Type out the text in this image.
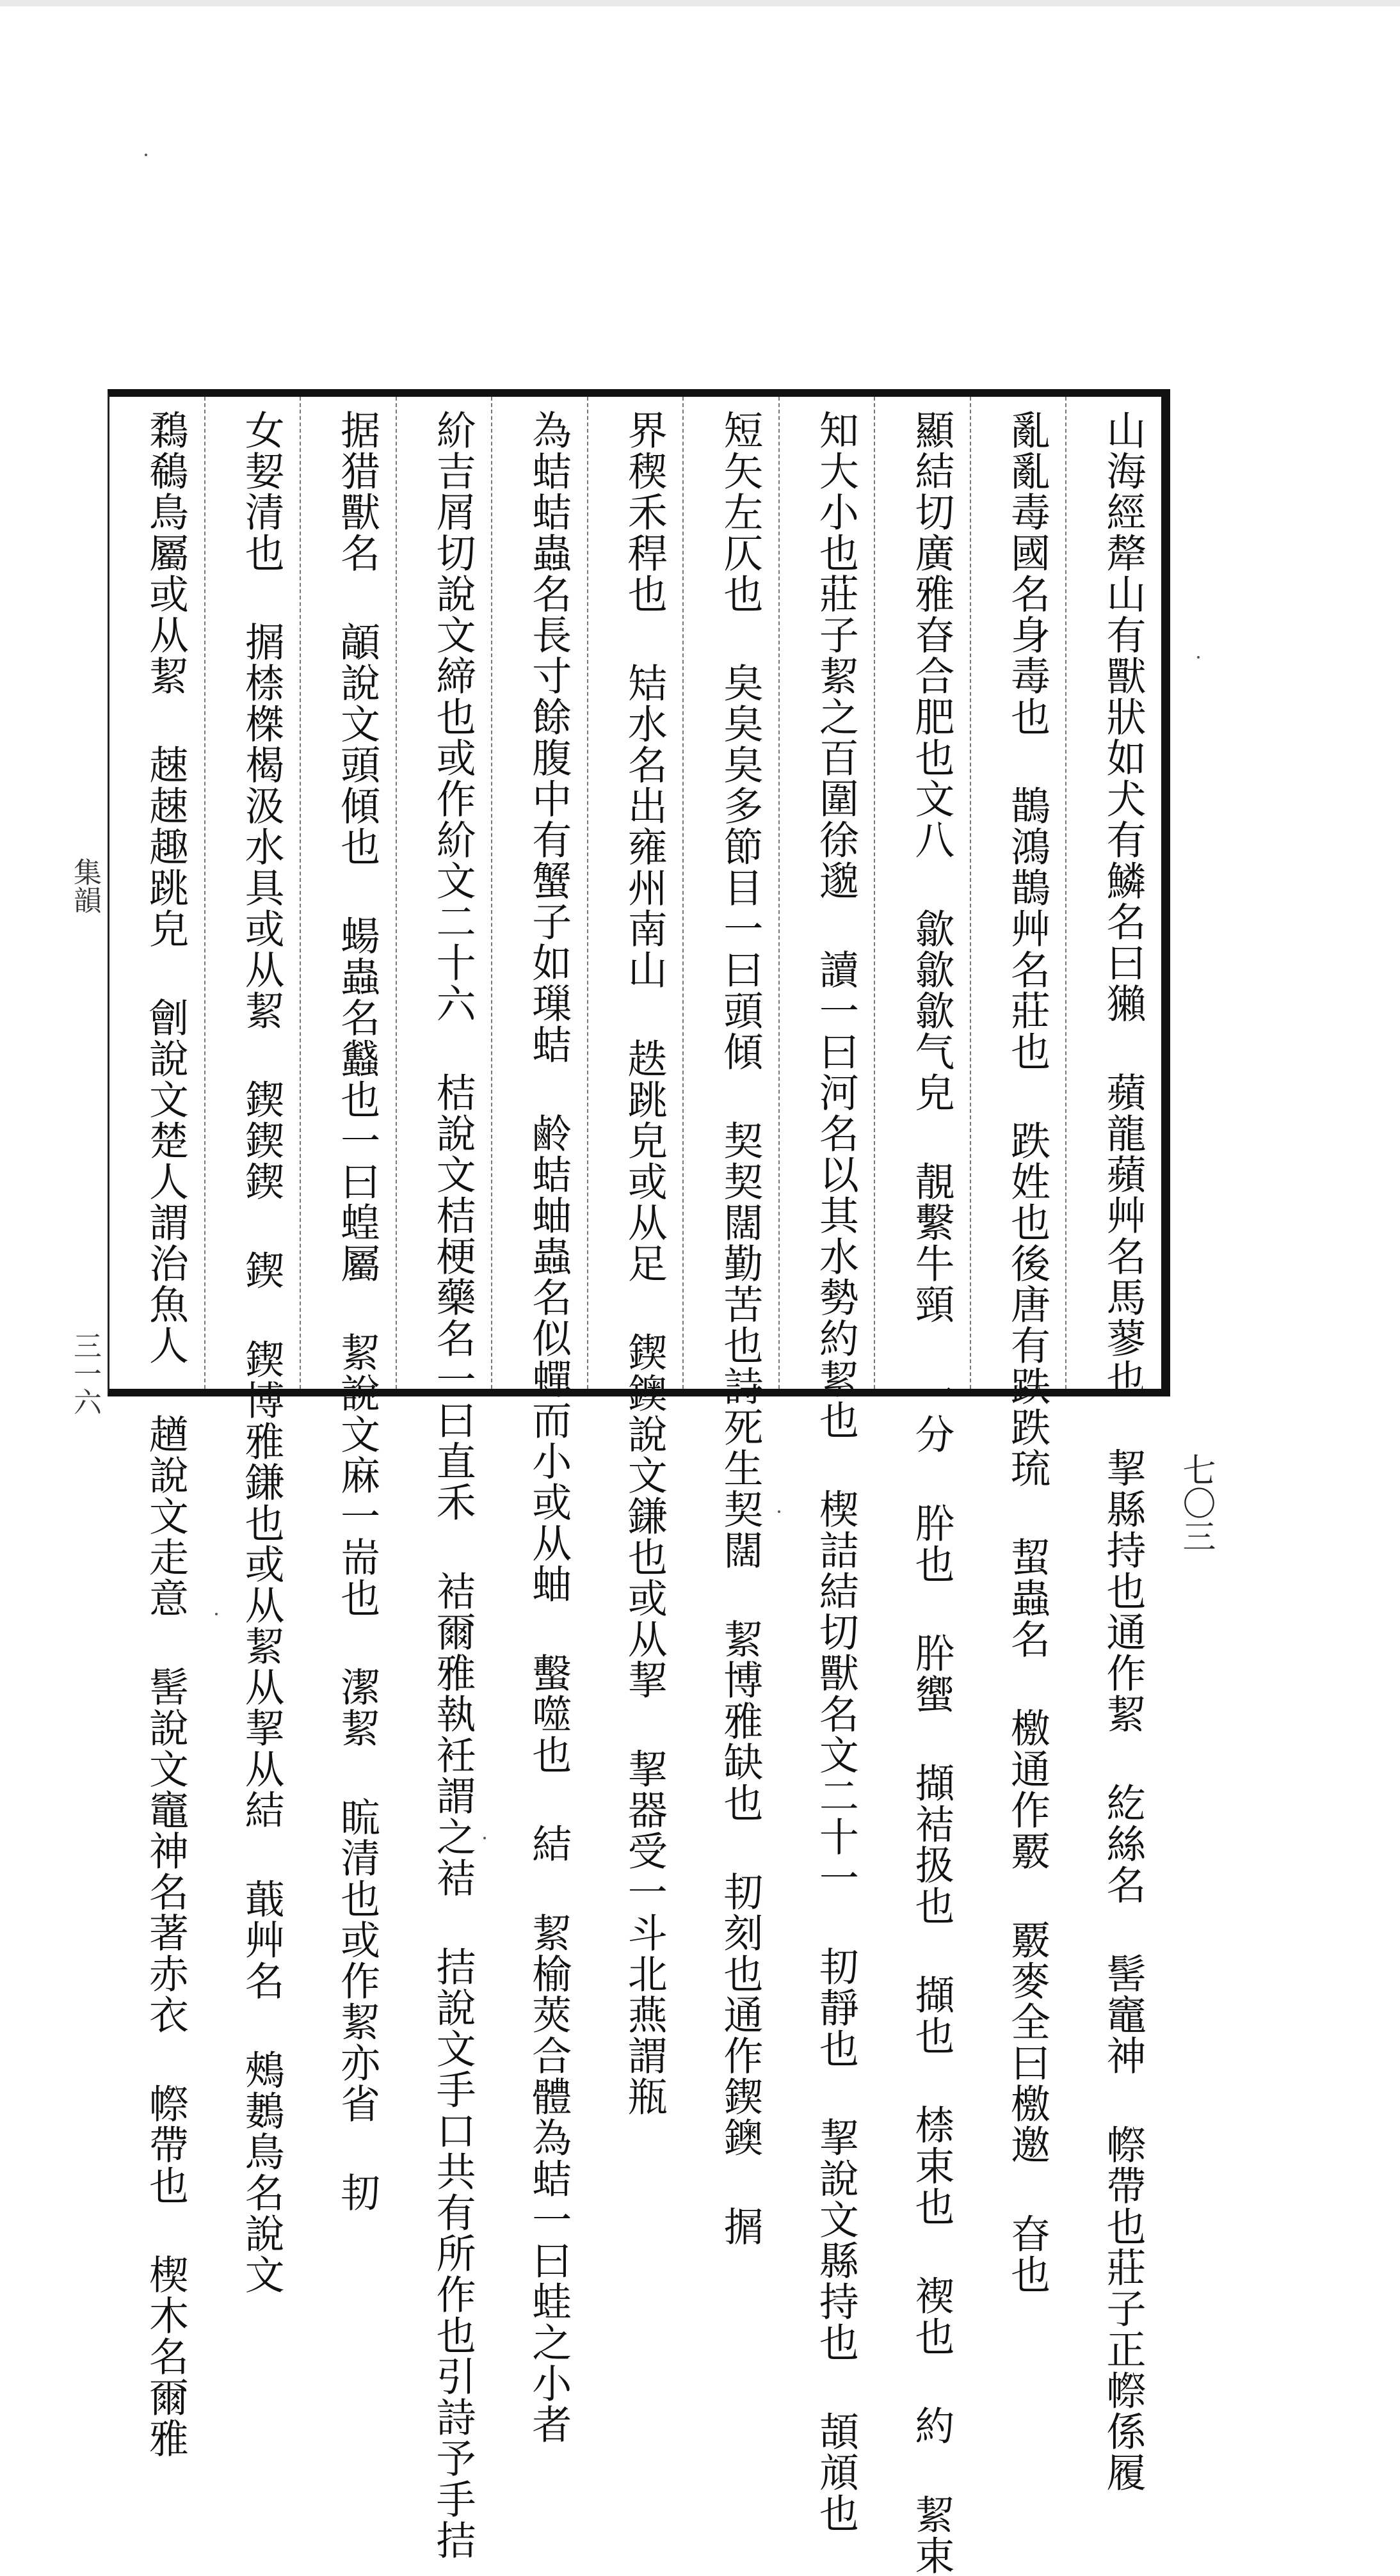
七〇三
集韻
三一六	山海經犛山有獸狀如犬有鱗名曰獺 蘋龍蘋艸名馬蓼也 挈縣持也通作絜 紇絲名 髺竈神 㡜帶也莊子正㡜係履
亂亂毒國名身毒也 鵲鴻鵲艸名莊也 跌姓也後唐有跌跌琉 蛪蟲名 檄通作覈 覈麥全曰檄邀 昚也
顯結切廣雅昚合肥也文八 歙歙歙气皃 靚繫牛頸 一分 肸也 肸蠁 擷袺扱也 擷也 㮏束也 褉也 約 絜束
知大小也莊子絜之百圍徐邈 讀一曰河名以其水勢約絜也 楔詰結切獸名文二十一 㓞靜也 挈說文縣持也 頡頏也
短矢左仄也 㚖㚖㚖多節目一曰頭傾 契契闊勤苦也詩死生契闊 絜博雅缺也 㓞刻也通作鍥鐭 㨝
界稧禾稈也 䂒水名出雍州南山 趃跳皃或从足 鍥鐭說文鎌也或从挈 挈器受一斗北燕謂瓶
為蛣蛣蟲名長寸餘腹中有蟹子如璅蛣 鹷蛣蚰蟲名似蟬而小或从蚰 蟿噬也 結 絜榆莢合體為蛣一曰蛙之小者
紒吉屑切說文締也或作紒文二十六 桔說文桔梗藥名一曰直禾 袺爾雅執衽謂之袺 拮說文手口共有所作也引詩予手拮
据猎獸名 䯪說文頭傾也 蝪蟲名蠽也一曰蝗屬 絜說文麻一耑也 潔絜 䀮清也或作絜亦省 㓞
女㛃清也 㨝㮏榤楬汲水具或从絜 鍥鍥鍥 鍥 鍥博雅鎌也或从絜从挈从結 蕺艸名 鵊鶈鳥名說文
鶔鵗鳥屬或从絜 趚趚趣跳皃 劊說文楚人謂治魚人 趥說文走意 髺說文竈神名著赤衣 㡜帶也 楔木名爾雅
